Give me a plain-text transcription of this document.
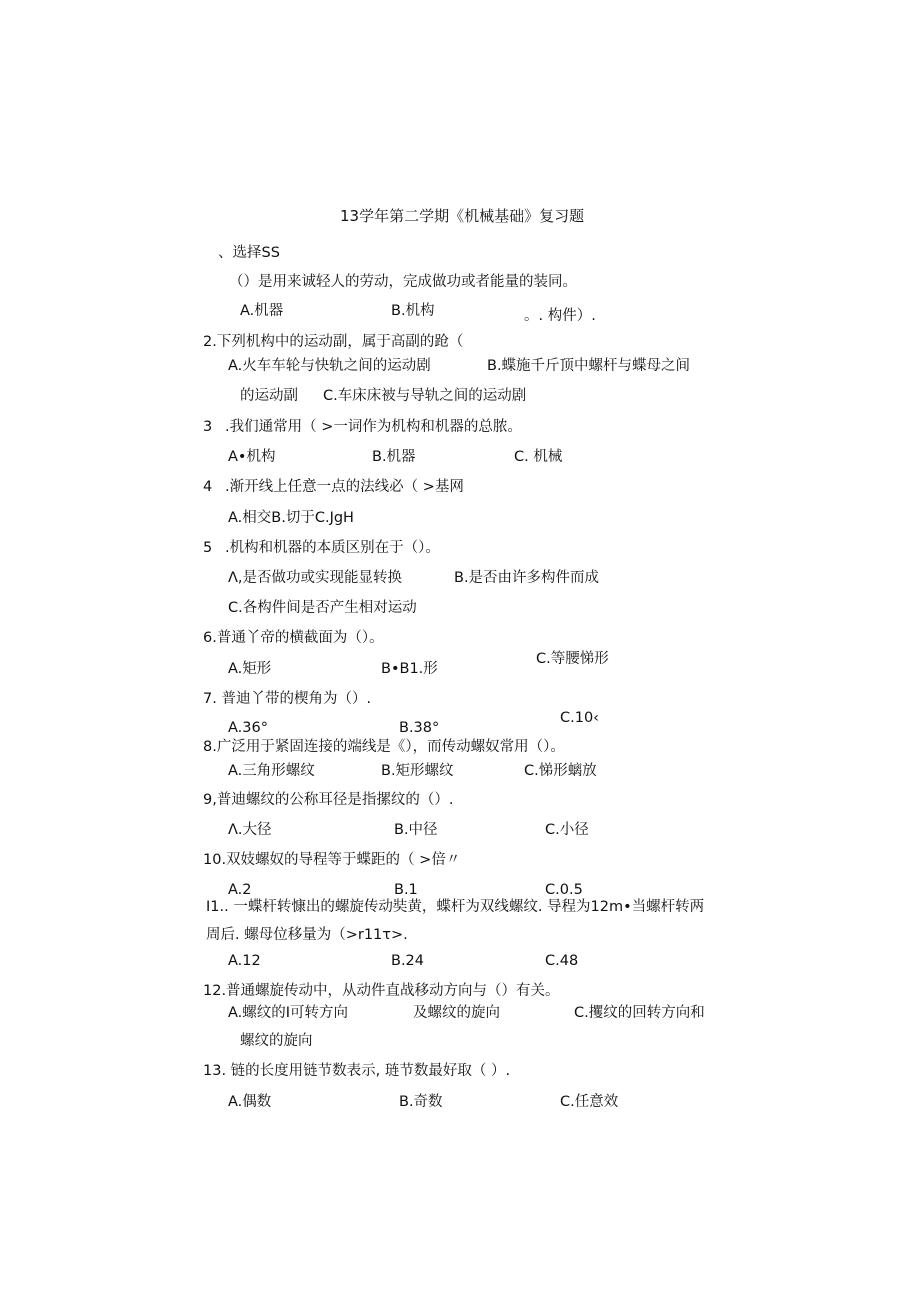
13学年第二学期《机械基础》复习题
、选择SS
（）是用来诚轻人的劳动，完成做功或者能量的装同。
A.机器	B.机构	。. 构件）.
2.下列机构中的运动副，属于高副的跄（
A.火车车轮与快轨之间的运动剧	B.蝶施千斤顶中螺杆与蝶母之间
的运动副 C.车床床被与导轨之间的运动剧
3 .我们通常用（ >一词作为机构和机器的总脓。
A•机构	B.机器	C. 机械
4 .渐开线上任意一点的法线必（ >基网
A.相交B.切于C.JgH
5 .机构和机器的本质区别在于（）。
Λ,是否做功或实现能显转换	B.是否由许多构件而成
C.各构件间是否产生相对运动
6.普通丫帝的横截面为（）。
A.矩形	B•B1.形
C.等腰悌形
7. 普迪丫带的楔角为（）.
A.36°	B.38°
C.10‹
8.广泛用于紧固连接的端线是《），而传动螺奴常用（）。
A.三角形螺纹	B.矩形螺纹	C.悌形螭放
9,普迪螺纹的公称耳径是指摞纹的（）.
Λ.大径	B.中径	C.小径
10.双妓螺奴的导程等于蝶距的（ >倍〃
A.2	B.1	C.0.5
I1.. 一蝶杆转慷出的螺旋传动奘黄，蝶杆为双线螺纹. 导程为12m•当螺杆转两
周后. 螺母位移量为（>r11τ>.
A.12	B.24	C.48
12.普通螺旋传动中，从动件直战移动方向与（）有关。
A.螺纹的I可转方向	及螺纹的旋向	C.攫纹的回转方向和
螺纹的旋向
13. 链的长度用链节数表示, 琏节数最好取（ ）.
A.偶数	B.奇数	C.任意效
